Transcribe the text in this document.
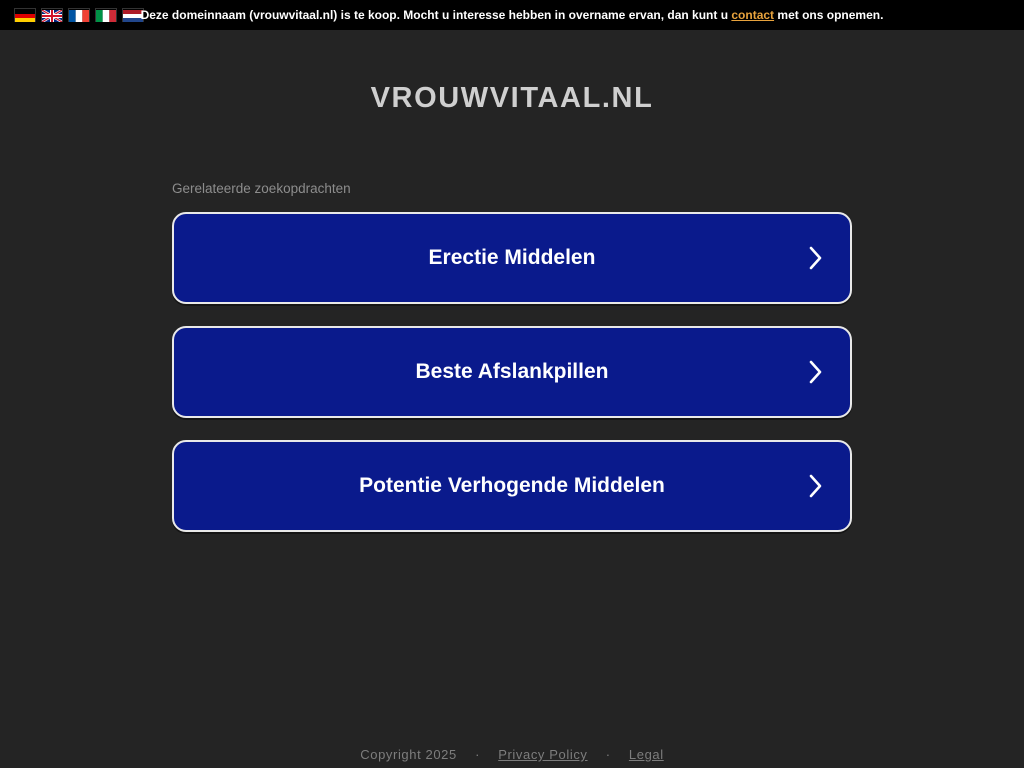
Deze domeinnaam (vrouwvitaal.nl) is te koop. Mocht u interesse hebben in overname ervan, dan kunt u contact met ons opnemen.
VROUWVITAAL.NL
Gerelateerde zoekopdrachten
Erectie Middelen
Beste Afslankpillen
Potentie Verhogende Middelen
Copyright 2025 · Privacy Policy · Legal
